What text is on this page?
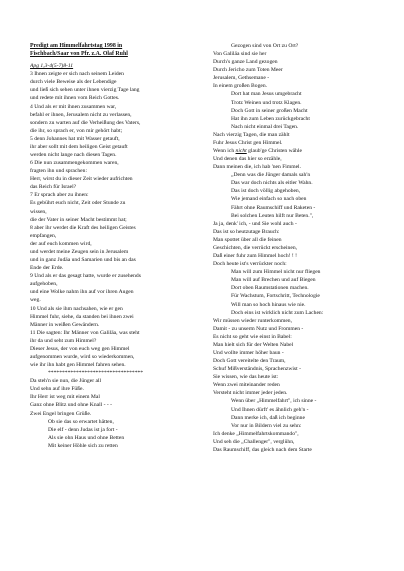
Predigt am Himmelfahrtstag 1998 in
Fischbach/Saar von Pfr. z.A. Olaf Ruhl
Apg 1,3-4(5-7)8-11
3 Ihnen zeigte er sich nach seinem Leiden
durch viele Beweise als der Lebendige
und ließ sich sehen unter ihnen vierzig Tage lang
und redete mit ihnen vom Reich Gottes.
4 Und als er mit ihnen zusammen war,
befahl er ihnen, Jerusalem nicht zu verlassen,
sondern zu warten auf die Verheißung des Vaters,
die ihr, so sprach er, von mir gehört habt;
5 denn Johannes hat mit Wasser getauft,
ihr aber sollt mit dem heiligen Geist getauft
werden nicht lange nach diesen Tagen.
6 Die nun zusammengekommen waren,
fragten ihn und sprachen:
Herr, wirst du in dieser Zeit wieder aufrichten
das Reich für Israel?
7 Er sprach aber zu ihnen:
Es gebührt euch nicht, Zeit oder Stunde zu
wissen,
die der Vater in seiner Macht bestimmt hat;
8 aber ihr werdet die Kraft des heiligen Geistes
empfangen,
der auf euch kommen wird,
und werdet meine Zeugen sein in Jerusalem
und in ganz Judäa und Samarien und bis an das
Ende der Erde.
9 Und als er das gesagt hatte, wurde er zusehends
aufgehoben,
und eine Wolke nahm ihn auf vor ihren Augen
weg.
10 Und als sie ihm nachsahen, wie er gen
Himmel fuhr, siehe, da standen bei ihnen zwei
Männer in weißen Gewändern.
11 Die sagten: Ihr Männer von Galiläa, was steht
ihr da und seht zum Himmel?
Dieser Jesus, der von euch weg gen Himmel
aufgenommen wurde, wird so wiederkommen,
wie ihr ihn habt gen Himmel fahren sehen.
**********************************
Da steh'n sie nun, die Jünger all
Und sehn auf ihre Füße.
Ihr Herr ist weg mit einem Mal
Ganz ohne Blitz und ohne Knall - - -
Zwei Engel bringen Grüße.
Ob sie das so erwartet hätten,
Die elf - denn Judas ist ja fort -
Als sie ohn Haus und ohne Betten
Mit keiner Höhle sich zu retten
Gezogen sind von Ort zu Ort?
Von Galiläa sind sie her
Durch's ganze Land gezogen
Durch Jericho zum Toten Meer
Jerusalem, Gethsemane -
In einem großen Bogen.
Dort hat man Jesus umgebracht
Trotz Weinen und trotz Klagen.
Doch Gott in seiner großen Macht
Hat ihn zum Leben zurückgebracht
Nach nicht einmal drei Tagen.
Nach vierzig Tagen, die man zählt
Fuhr Jesus Christ gen Himmel.
Wenn ich nicht glaub'ge Christen wähle
Und denen das hier so erzähle,
Dann meinen die, ich hab 'nen Fimmel.
„Denn was die Jünger damals sah'n
Das war doch nichts als eitler Wahn.
Das ist doch völlig abgehoben,
Wie jemand einfach so nach oben
Fährt ohne Raumschiff und Raketen -
Bei solchen Leuten hilft nur Beten.",
Ja ja, denk' ich, - und Sie wohl auch -
Das ist so heutzutage Brauch:
Man spottet über all die feinen
Geschichten, die verrückt erscheinen,
Daß einer fuhr zum Himmel hoch! ! !
Doch heute ist's verrückter noch:
Man will zum Himmel nicht nur fliegen
Man will auf Brechen und auf Biegen
Dort oben Raumstationen machen.
Für Wachstum, Fortschritt, Technologie
Will man so hoch hinaus wie nie.
Doch eins ist wirklich nicht zum Lachen:
Wir müssen wieder runterkommen,
Damit - zu unserm Nutz und Frommen -
Es nicht so geht wie einst in Babel:
Man hielt sich für der Welten Nabel
Und wollte immer höher baun -
Doch Gott vereitelte den Traum,
Schuf Mißverständnis, Sprachenzwist -
Sie wissen, wie das heute ist:
Wenn zwei miteinander reden
Versteht nicht immer jeder jeden.
Wenn über „Himmelfahrt", ich sinne -
Und Ihnen dürft' es ähnlich geh'n -
Dann merke ich, daß ich beginne
Vor nur in Bildern viel zu sehn:
Ich denke „Himmelfahrtskommando",
Und seh die „Challenger", verglühn,
Das Raumschiff, das gleich nach dem Starte
